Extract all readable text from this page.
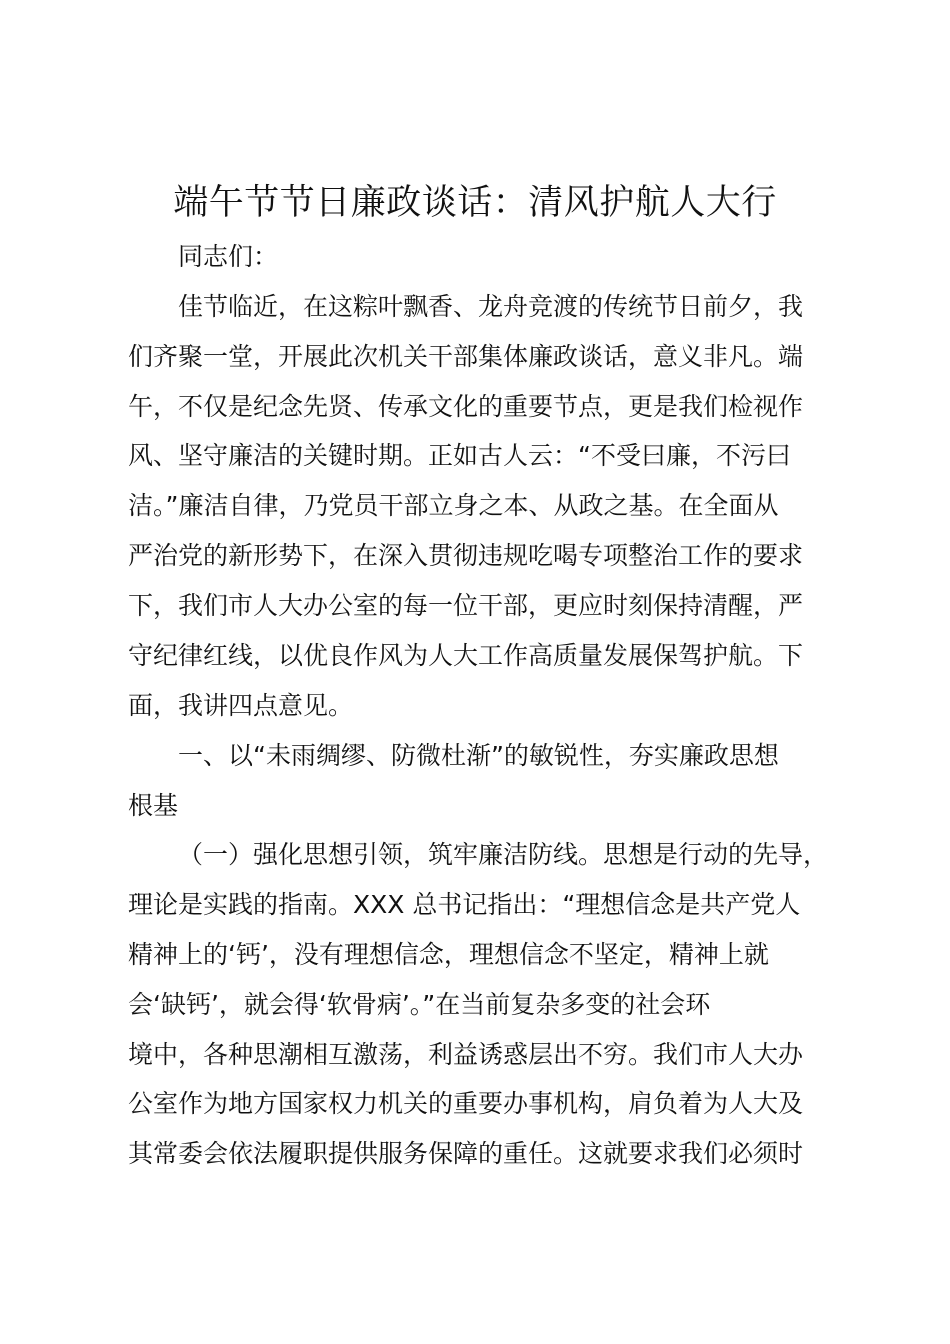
端午节节日廉政谈话：清风护航人大行

同志们：

佳节临近，在这粽叶飘香、龙舟竞渡的传统节日前夕，我

们齐聚一堂，开展此次机关干部集体廉政谈话，意义非凡。端

午，不仅是纪念先贤、传承文化的重要节点，更是我们检视作

风、坚守廉洁的关键时期。正如古人云：“不受曰廉，不污曰

洁。”廉洁自律，乃党员干部立身之本、从政之基。在全面从

严治党的新形势下，在深入贯彻违规吃喝专项整治工作的要求

下，我们市人大办公室的每一位干部，更应时刻保持清醒，严

守纪律红线，以优良作风为人大工作高质量发展保驾护航。下

面，我讲四点意见。

一、以“未雨绸缪、防微杜渐”的敏锐性，夯实廉政思想

根基

（一）强化思想引领，筑牢廉洁防线。思想是行动的先导，

理论是实践的指南。XXX 总书记指出：“理想信念是共产党人

精神上的‘钙’，没有理想信念，理想信念不坚定，精神上就

会‘缺钙’，就会得‘软骨病’。”在当前复杂多变的社会环

境中，各种思潮相互激荡，利益诱惑层出不穷。我们市人大办

公室作为地方国家权力机关的重要办事机构，肩负着为人大及

其常委会依法履职提供服务保障的重任。这就要求我们必须时
